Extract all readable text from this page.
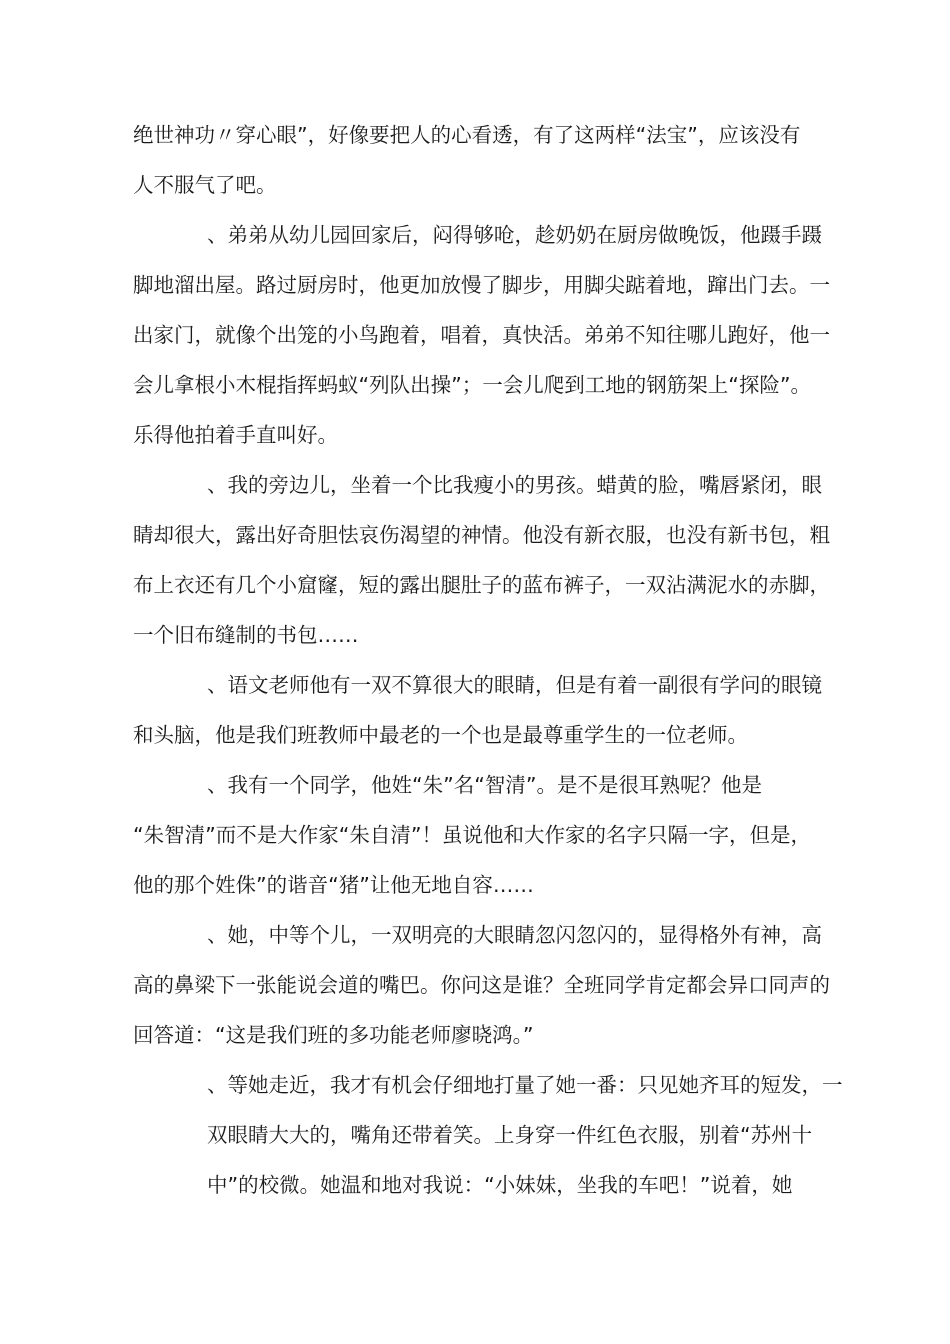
绝世神功〃穿心眼”，好像要把人的心看透，有了这两样“法宝”，应该没有
人不服气了吧。
、弟弟从幼儿园回家后，闷得够呛，趁奶奶在厨房做晚饭，他蹑手蹑
脚地溜出屋。路过厨房时，他更加放慢了脚步，用脚尖踮着地，蹿出门去。一
出家门，就像个出笼的小鸟跑着，唱着，真快活。弟弟不知往哪儿跑好，他一
会儿拿根小木棍指挥蚂蚁“列队出操”；一会儿爬到工地的钢筋架上“探险”。
乐得他拍着手直叫好。
、我的旁边儿，坐着一个比我瘦小的男孩。蜡黄的脸，嘴唇紧闭，眼
睛却很大，露出好奇胆怯哀伤渴望的神情。他没有新衣服，也没有新书包，粗
布上衣还有几个小窟窿，短的露出腿肚子的蓝布裤子，一双沾满泥水的赤脚，
一个旧布缝制的书包……
、语文老师他有一双不算很大的眼睛，但是有着一副很有学问的眼镜
和头脑，他是我们班教师中最老的一个也是最尊重学生的一位老师。
、我有一个同学，他姓“朱”名“智清”。是不是很耳熟呢？他是
“朱智清”而不是大作家“朱自清”！虽说他和大作家的名字只隔一字，但是，
他的那个姓侏”的谐音“猪”让他无地自容……
、她，中等个儿，一双明亮的大眼睛忽闪忽闪的，显得格外有神，高
高的鼻梁下一张能说会道的嘴巴。你问这是谁？全班同学肯定都会异口同声的
回答道：“这是我们班的多功能老师廖晓鸿。”
、等她走近，我才有机会仔细地打量了她一番：只见她齐耳的短发，一
双眼睛大大的，嘴角还带着笑。上身穿一件红色衣服，别着“苏州十
中”的校微。她温和地对我说：“小妹妹，坐我的车吧！”说着，她
